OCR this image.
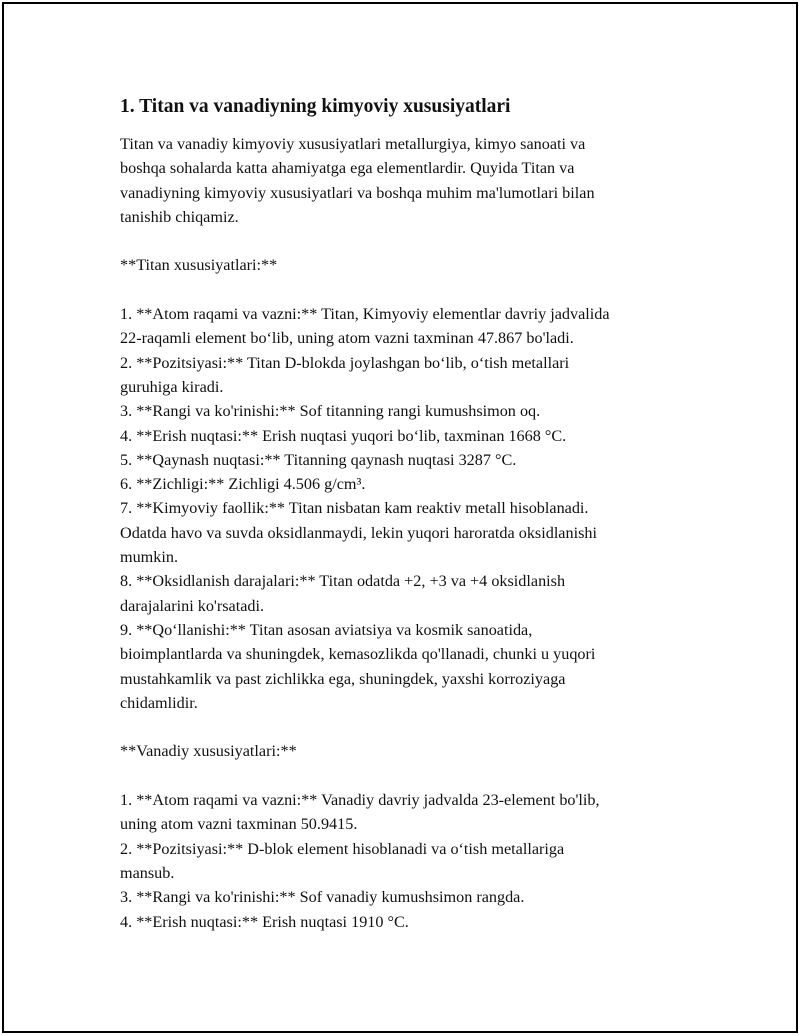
1. Titan va vanadiyning kimyoviy xususiyatlari

Titan va vanadiy kimyoviy xususiyatlari metallurgiya, kimyo sanoati va
boshqa sohalarda katta ahamiyatga ega elementlardir. Quyida Titan va
vanadiyning kimyoviy xususiyatlari va boshqa muhim ma'lumotlari bilan
tanishib chiqamiz.
**Titan xususiyatlari:**
1. **Atom raqami va vazni:** Titan, Kimyoviy elementlar davriy jadvalida
22-raqamli element bo‘lib, uning atom vazni taxminan 47.867 bo'ladi.
2. **Pozitsiyasi:** Titan D-blokda joylashgan bo‘lib, o‘tish metallari
guruhiga kiradi.
3. **Rangi va ko'rinishi:** Sof titanning rangi kumushsimon oq.
4. **Erish nuqtasi:** Erish nuqtasi yuqori bo‘lib, taxminan 1668 °C.
5. **Qaynash nuqtasi:** Titanning qaynash nuqtasi 3287 °C.
6. **Zichligi:** Zichligi 4.506 g/cm³.
7. **Kimyoviy faollik:** Titan nisbatan kam reaktiv metall hisoblanadi.
Odatda havo va suvda oksidlanmaydi, lekin yuqori haroratda oksidlanishi
mumkin.
8. **Oksidlanish darajalari:** Titan odatda +2, +3 va +4 oksidlanish
darajalarini ko'rsatadi.
9. **Qo‘llanishi:** Titan asosan aviatsiya va kosmik sanoatida,
bioimplantlarda va shuningdek, kemasozlikda qo'llanadi, chunki u yuqori
mustahkamlik va past zichlikka ega, shuningdek, yaxshi korroziyaga
chidamlidir.
**Vanadiy xususiyatlari:**
1. **Atom raqami va vazni:** Vanadiy davriy jadvalda 23-element bo'lib,
uning atom vazni taxminan 50.9415.
2. **Pozitsiyasi:** D-blok element hisoblanadi va o‘tish metallariga
mansub.
3. **Rangi va ko'rinishi:** Sof vanadiy kumushsimon rangda.
4. **Erish nuqtasi:** Erish nuqtasi 1910 °C.
